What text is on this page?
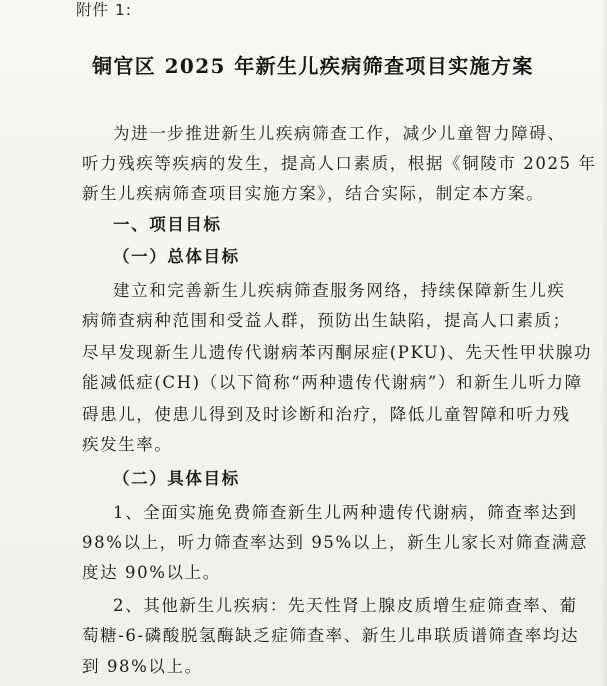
附件 1:
铜官区 2025 年新生儿疾病筛查项目实施方案
为进一步推进新生儿疾病筛查工作，减少儿童智力障碍、
听力残疾等疾病的发生，提高人口素质，根据《铜陵市 2025 年
新生儿疾病筛查项目实施方案》，结合实际，制定本方案。
一、项目目标
（一）总体目标
建立和完善新生儿疾病筛查服务网络，持续保障新生儿疾
病筛查病种范围和受益人群，预防出生缺陷，提高人口素质；
尽早发现新生儿遗传代谢病苯丙酮尿症(PKU)、先天性甲状腺功
能减低症(CH)（以下简称“两种遗传代谢病”）和新生儿听力障
碍患儿，使患儿得到及时诊断和治疗，降低儿童智障和听力残
疾发生率。
（二）具体目标
1、全面实施免费筛查新生儿两种遗传代谢病，筛查率达到
98%以上，听力筛查率达到 95%以上，新生儿家长对筛查满意
度达 90%以上。
2、其他新生儿疾病：先天性肾上腺皮质增生症筛查率、葡
萄糖-6-磷酸脱氢酶缺乏症筛查率、新生儿串联质谱筛查率均达
到 98%以上。
